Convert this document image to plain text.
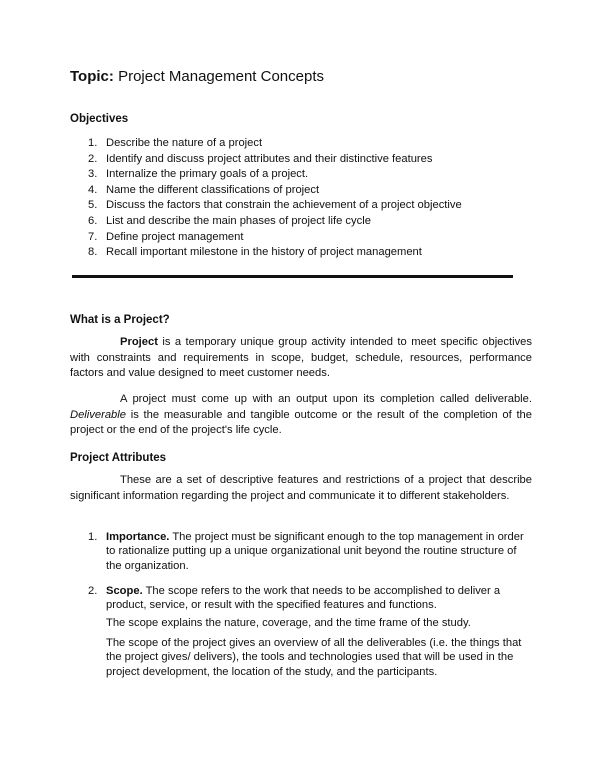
Topic: Project Management Concepts
Objectives
1. Describe the nature of a project
2. Identify and discuss project attributes and their distinctive features
3. Internalize the primary goals of a project.
4. Name the different classifications of project
5. Discuss the factors that constrain the achievement of a project objective
6. List and describe the main phases of project life cycle
7. Define project management
8. Recall important milestone in the history of project management
What is a Project?

Project is a temporary unique group activity intended to meet specific objectives with constraints and requirements in scope, budget, schedule, resources, performance factors and value designed to meet customer needs.

A project must come up with an output upon its completion called deliverable. Deliverable is the measurable and tangible outcome or the result of the completion of the project or the end of the project's life cycle.

Project Attributes

These are a set of descriptive features and restrictions of a project that describe significant information regarding the project and communicate it to different stakeholders.

1. Importance. The project must be significant enough to the top management in order to rationalize putting up a unique organizational unit beyond the routine structure of the organization.
2. Scope. The scope refers to the work that needs to be accomplished to deliver a product, service, or result with the specified features and functions.

The scope explains the nature, coverage, and the time frame of the study.

The scope of the project gives an overview of all the deliverables (i.e. the things that the project gives/ delivers), the tools and technologies used that will be used in the project development, the location of the study, and the participants.
